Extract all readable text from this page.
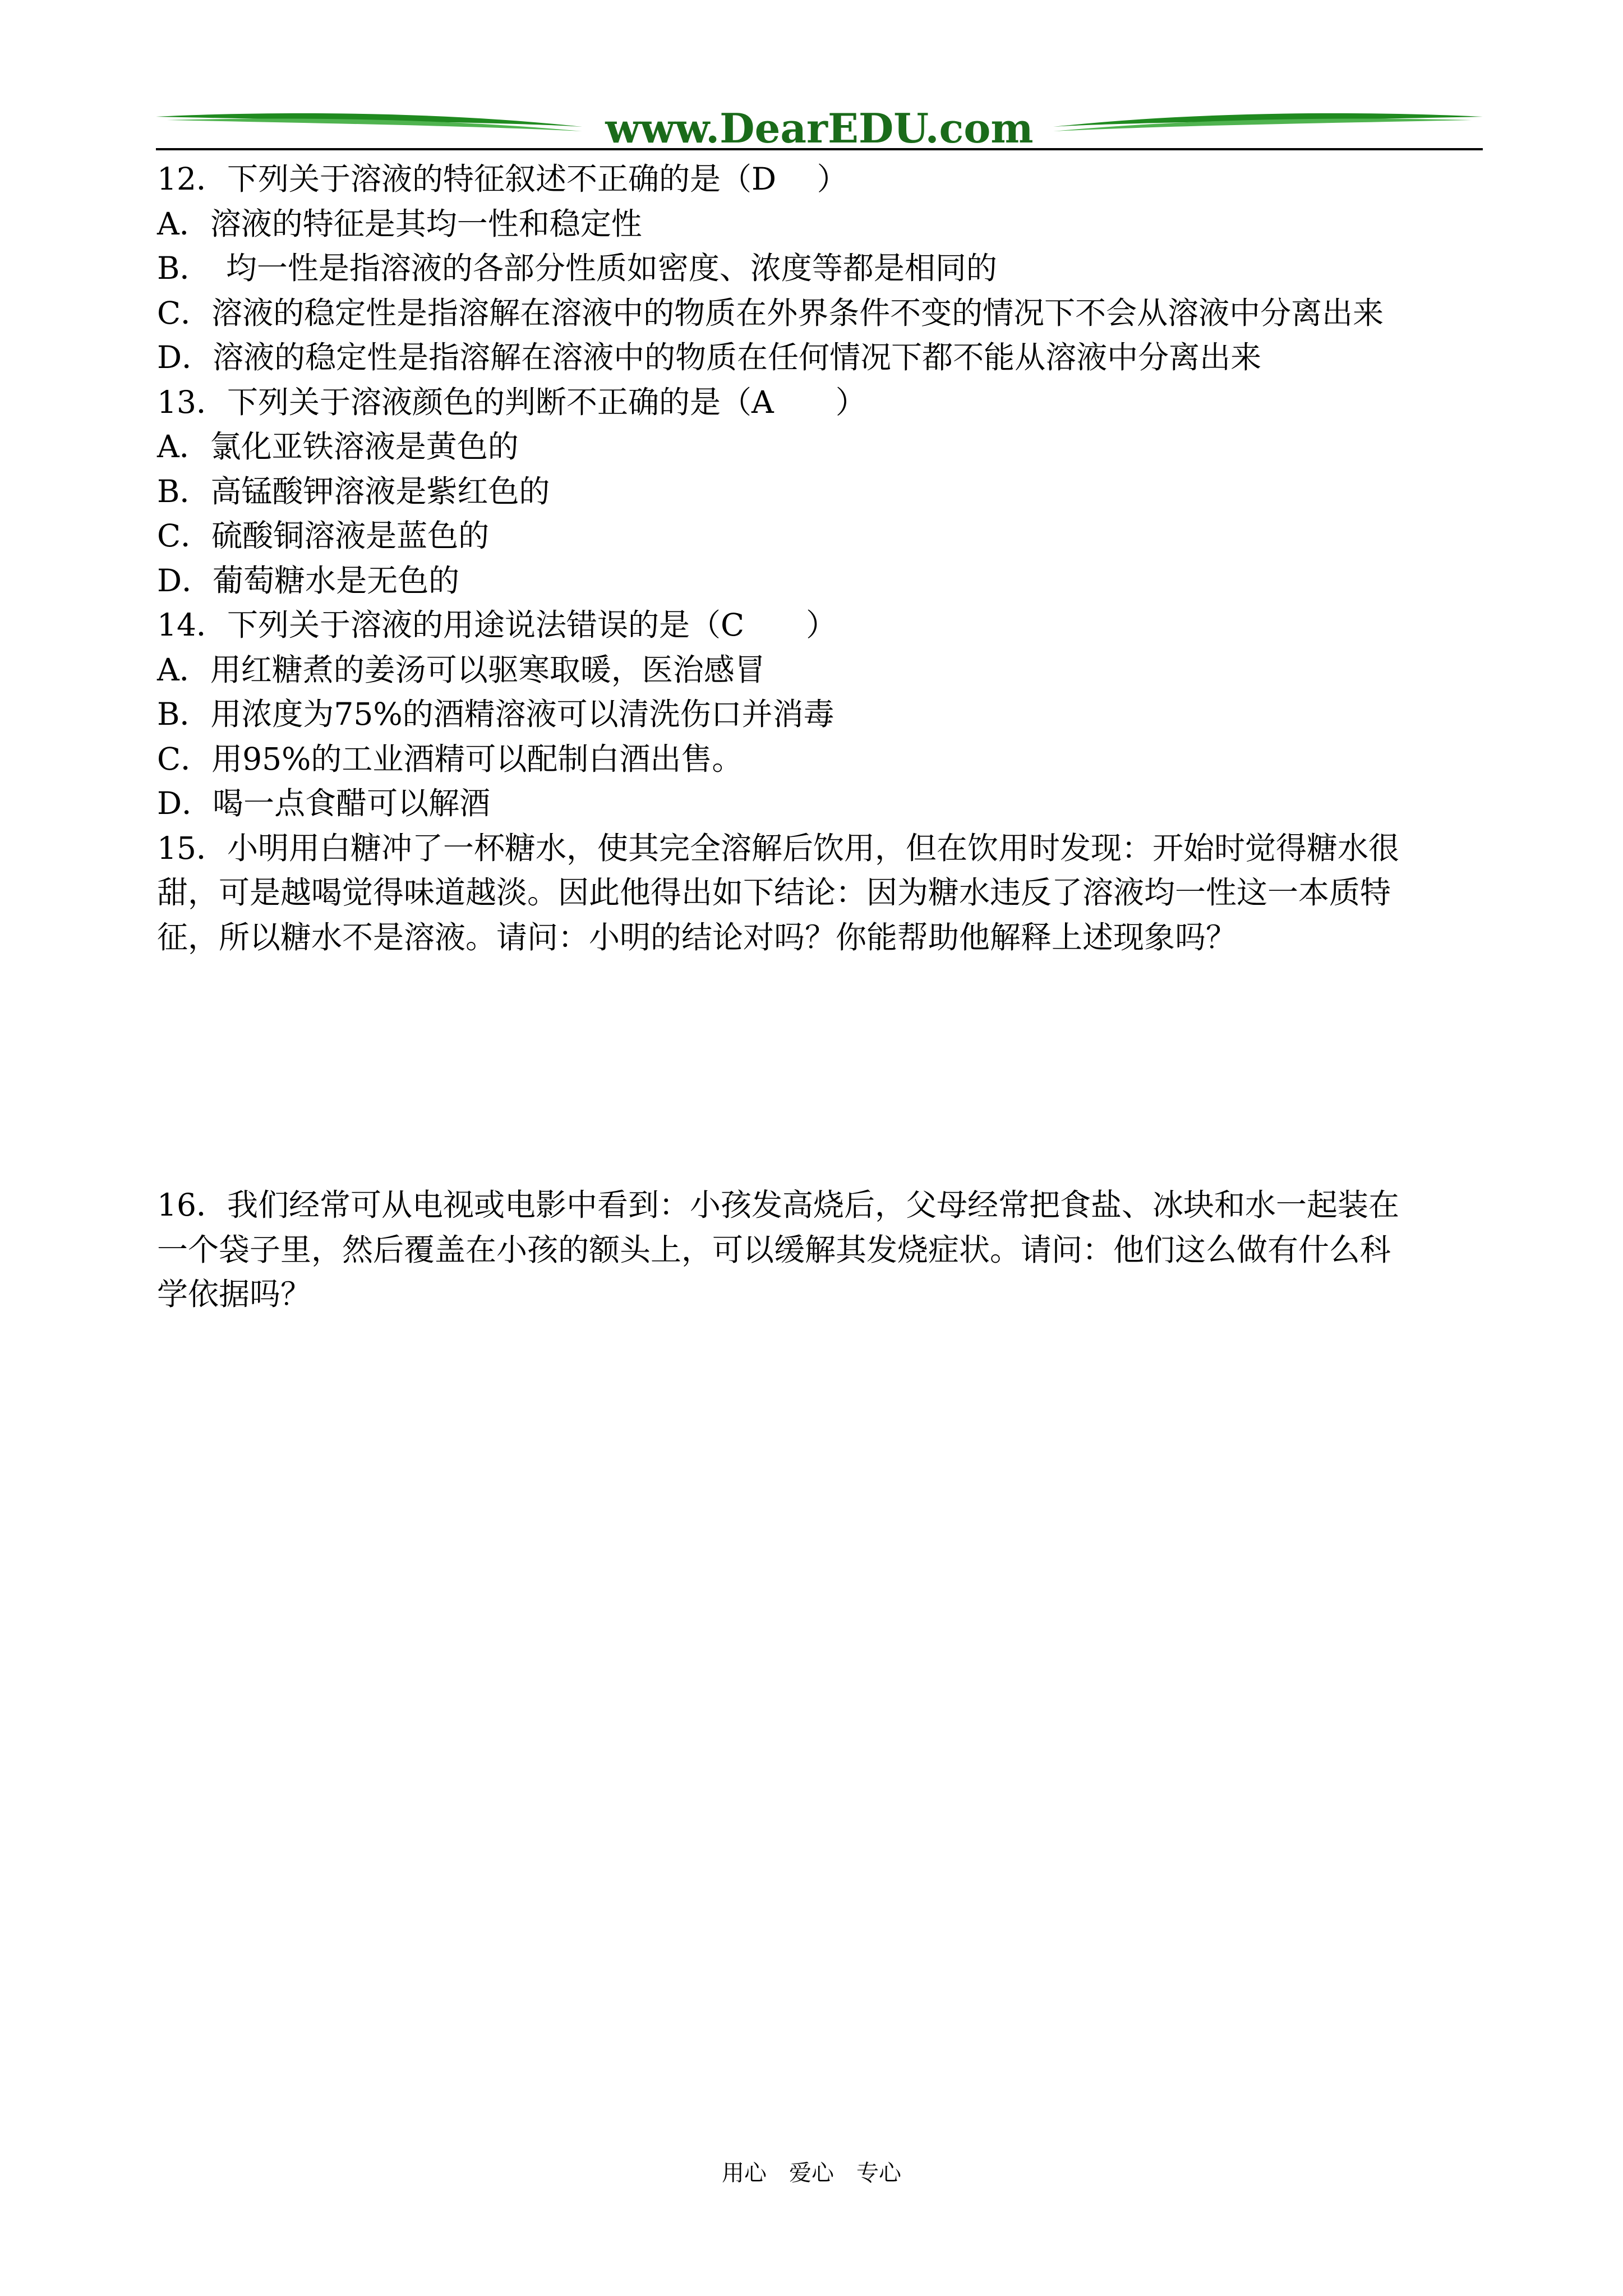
www.DearEDU.com
12．下列关于溶液的特征叙述不正确的是（D　 ）
A．溶液的特征是其均一性和稳定性
B．　均一性是指溶液的各部分性质如密度、浓度等都是相同的
C．溶液的稳定性是指溶解在溶液中的物质在外界条件不变的情况下不会从溶液中分离出来
D．溶液的稳定性是指溶解在溶液中的物质在任何情况下都不能从溶液中分离出来
13．下列关于溶液颜色的判断不正确的是（A　　）
A．氯化亚铁溶液是黄色的
B．高锰酸钾溶液是紫红色的
C．硫酸铜溶液是蓝色的
D．葡萄糖水是无色的
14．下列关于溶液的用途说法错误的是（C　　）
A．用红糖煮的姜汤可以驱寒取暖，医治感冒
B．用浓度为75%的酒精溶液可以清洗伤口并消毒
C．用95%的工业酒精可以配制白酒出售。
D．喝一点食醋可以解酒
15．小明用白糖冲了一杯糖水，使其完全溶解后饮用，但在饮用时发现：开始时觉得糖水很
甜，可是越喝觉得味道越淡。因此他得出如下结论：因为糖水违反了溶液均一性这一本质特
征，所以糖水不是溶液。请问：小明的结论对吗？你能帮助他解释上述现象吗？
16．我们经常可从电视或电影中看到：小孩发高烧后，父母经常把食盐、冰块和水一起装在
一个袋子里，然后覆盖在小孩的额头上，可以缓解其发烧症状。请问：他们这么做有什么科
学依据吗？
用心　爱心　专心
